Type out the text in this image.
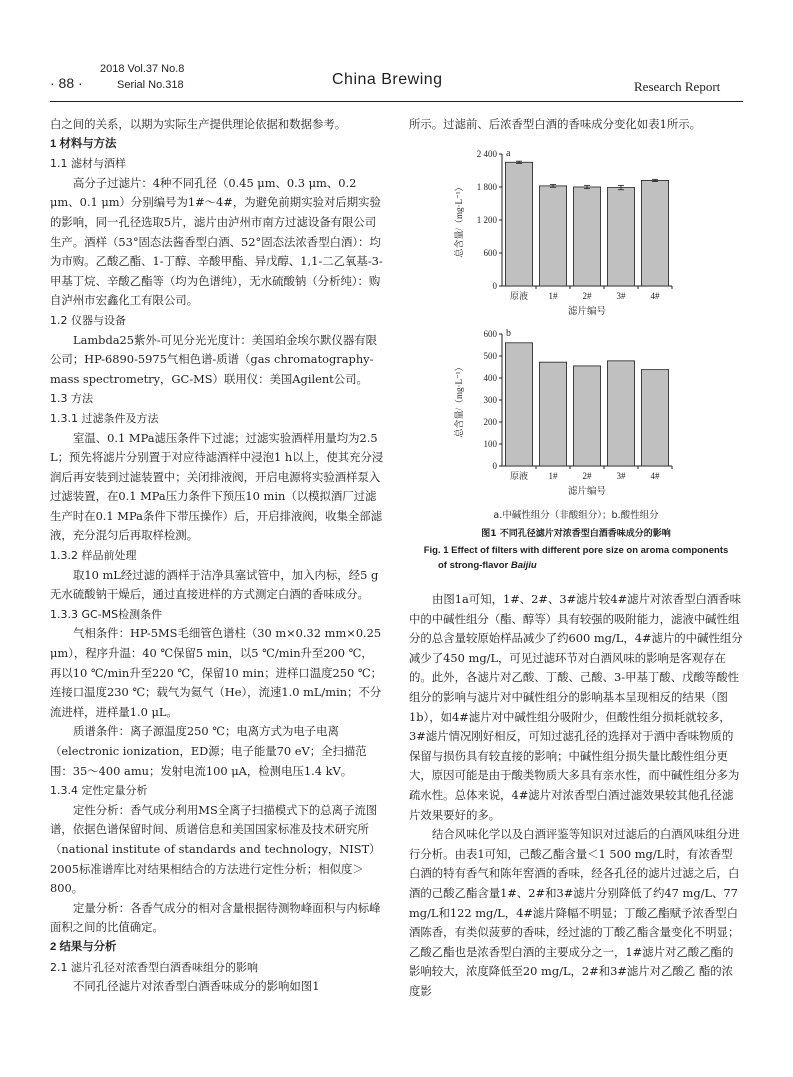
· 88 ·
2018 Vol.37 No.8
Serial No.318	China Brewing	Research Report

白之间的关系，以期为实际生产提供理论依据和数据参考。

1 材料与方法

1.1 滤材与酒样

高分子过滤片：4种不同孔径（0.45 μm、0.3 μm、0.2 μm、0.1 μm）分别编号为1#～4#，为避免前期实验对后期实验的影响，同一孔径选取5片，滤片由泸州市南方过滤设备有限公司生产。酒样（53°固态法酱香型白酒、52°固态法浓香型白酒）：均为市购。乙酸乙酯、1-丁醇、辛酸甲酯、异戊醇、1,1-二乙氧基-3-甲基丁烷、辛酸乙酯等（均为色谱纯），无水硫酸钠（分析纯）：购自泸州市宏鑫化工有限公司。

1.2 仪器与设备

Lambda25紫外-可见分光光度计：美国珀金埃尔默仪器有限公司；HP-6890-5975气相色谱-质谱（gas chromatography-mass spectrometry，GC-MS）联用仪：美国Agilent公司。

1.3 方法

1.3.1 过滤条件及方法

室温、0.1 MPa滤压条件下过滤；过滤实验酒样用量均为2.5 L；预先将滤片分别置于对应待滤酒样中浸泡1 h以上，使其充分浸润后再安装到过滤装置中；关闭排液阀，开启电源将实验酒样泵入过滤装置，在0.1 MPa压力条件下预压10 min（以模拟酒厂过滤生产时在0.1 MPa条件下带压操作）后，开启排液阀，收集全部滤液，充分混匀后再取样检测。

1.3.2 样品前处理

取10 mL经过滤的酒样于洁净具塞试管中，加入内标，经5 g无水硫酸钠干燥后，通过直接进样的方式测定白酒的香味成分。

1.3.3 GC-MS检测条件

气相条件：HP-5MS毛细管色谱柱（30 m×0.32 mm×0.25 μm），程序升温：40 ℃保留5 min，以5 ℃/min升至200 ℃，再以10 ℃/min升至220 ℃，保留10 min；进样口温度250 ℃；连接口温度230 ℃；载气为氦气（He），流速1.0 mL/min；不分流进样，进样量1.0 μL。

质谱条件：离子源温度250 ℃；电离方式为电子电离（electronic ionization，ED源；电子能量70 eV；全扫描范围：35～400 amu；发射电流100 μA，检测电压1.4 kV。

1.3.4 定性定量分析

定性分析：香气成分利用MS全离子扫描模式下的总离子流图谱，依据色谱保留时间、质谱信息和美国国家标准及技术研究所（national institute of standards and technology，NIST）2005标准谱库比对结果相结合的方法进行定性分析；相似度＞800。

定量分析：各香气成分的相对含量根据待测物峰面积与内标峰面积之间的比值确定。

2 结果与分析

2.1 滤片孔径对浓香型白酒香味组分的影响

不同孔径滤片对浓香型白酒香味成分的影响如图1

所示。过滤前、后浓香型白酒的香味成分变化如表1所示。

0
600
1 200
1 800
2 400 a
原液 1#	2#	3#	4#
滤片编号
总含量/（mg·L⁻¹）
0
100
200
300
400
500
600 b
原液 1#	2#	3#	4#
滤片编号
总含量/（mg·L⁻¹）
a.中碱性组分（非酸组分）；b.酸性组分
图1 不同孔径滤片对浓香型白酒香味成分的影响
Fig. 1 Effect of filters with different pore size on aroma components
of strong-flavor Baijiu

由图1a可知，1#、2#、3#滤片较4#滤片对浓香型白酒香味中的中碱性组分（酯、醇等）具有较强的吸附能力，滤液中碱性组分的总含量较原始样品减少了约600 mg/L，4#滤片的中碱性组分减少了450 mg/L，可见过滤环节对白酒风味的影响是客观存在的。此外，各滤片对乙酸、丁酸、己酸、3-甲基丁酸、戊酸等酸性组分的影响与滤片对中碱性组分的影响基本呈现相反的结果（图1b），如4#滤片对中碱性组分吸附少，但酸性组分损耗就较多，3#滤片情况刚好相反，可知过滤孔径的选择对于酒中香味物质的保留与损伤具有较直接的影响；中碱性组分损失量比酸性组分更大，原因可能是由于酸类物质大多具有亲水性，而中碱性组分多为疏水性。总体来说，4#滤片对浓香型白酒过滤效果较其他孔径滤片效果要好的多。

结合风味化学以及白酒评鉴等知识对过滤后的白酒风味组分进行分析。由表1可知，己酸乙酯含量＜1 500 mg/L时，有浓香型白酒的特有香气和陈年窖酒的香味，经各孔径的滤片过滤之后，白酒的己酸乙酯含量1#、2#和3#滤片分别降低了约47 mg/L、77 mg/L和122 mg/L，4#滤片降幅不明显；丁酸乙酯赋予浓香型白酒陈香，有类似菠萝的香味，经过滤的丁酸乙酯含量变化不明显；乙酸乙酯也是浓香型白酒的主要成分之一，1#滤片对乙酸乙酯的影响较大，浓度降低至20 mg/L，2#和3#滤片对乙酸乙 酯的浓度影
